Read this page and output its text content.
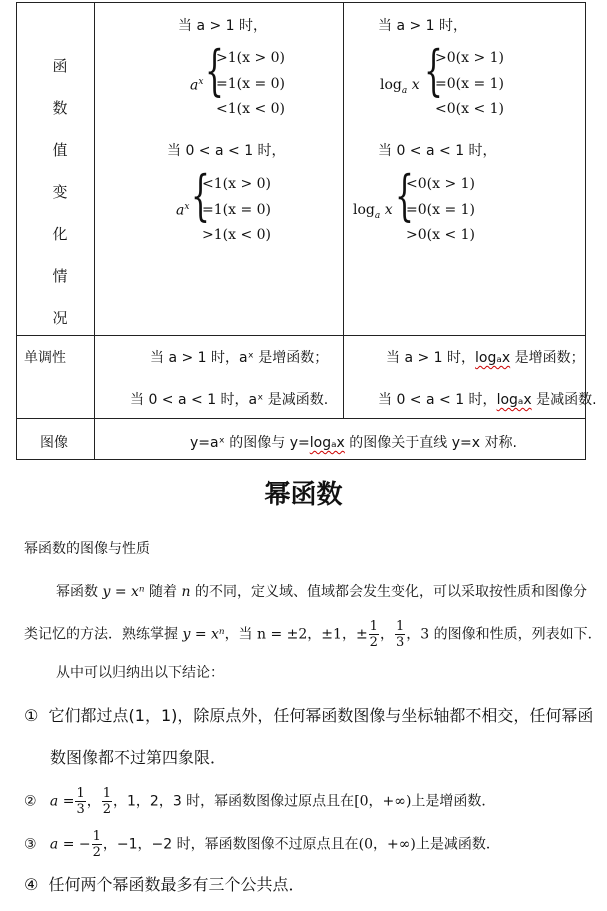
函
数
值
变
化
情
况
当 a > 1 时，
$a^x$ {
>1(x > 0)
=1(x = 0)
<1(x < 0)
当 a > 1 时，
$\log_a x$ {
>0(x > 1)
=0(x = 1)
<0(x < 1)
当 0 < a < 1 时，
$a^x$ {
<1(x > 0)
=1(x = 0)
>1(x < 0)
当 0 < a < 1 时，
$\log_a x$ {
<0(x > 1)
=0(x = 1)
>0(x < 1)
单调性	当 a > 1 时，aˣ 是增函数；
当 0 < a < 1 时，aˣ 是减函数.
当 a > 1 时，logₐx 是增函数；
当 0 < a < 1 时，logₐx 是减函数.
图像	y=aˣ 的图像与 y=logₐx 的图像关于直线 y=x 对称.
幂函数
幂函数的图像与性质
幂函数 y = xⁿ 随着 n 的不同，定义域、值域都会发生变化，可以采取按性质和图像分
类记忆的方法．熟练掌握 y = xⁿ，当 n = ±2，±1，± $\frac{1}{2}$ ， $\frac{1}{3}$ ，3 的图像和性质，列表如下．
从中可以归纳出以下结论：
① 它们都过点(1，1)，除原点外，任何幂函数图像与坐标轴都不相交，任何幂函
数图像都不过第四象限．
② $a = \frac{1}{3}$ ， $\frac{1}{2}$ ，1，2，3 时，幂函数图像过原点且在[0，+∞)上是增函数．
③ a = − $\frac{1}{2}$ ，−1，−2 时，幂函数图像不过原点且在(0，+∞)上是减函数．
④ 任何两个幂函数最多有三个公共点．
